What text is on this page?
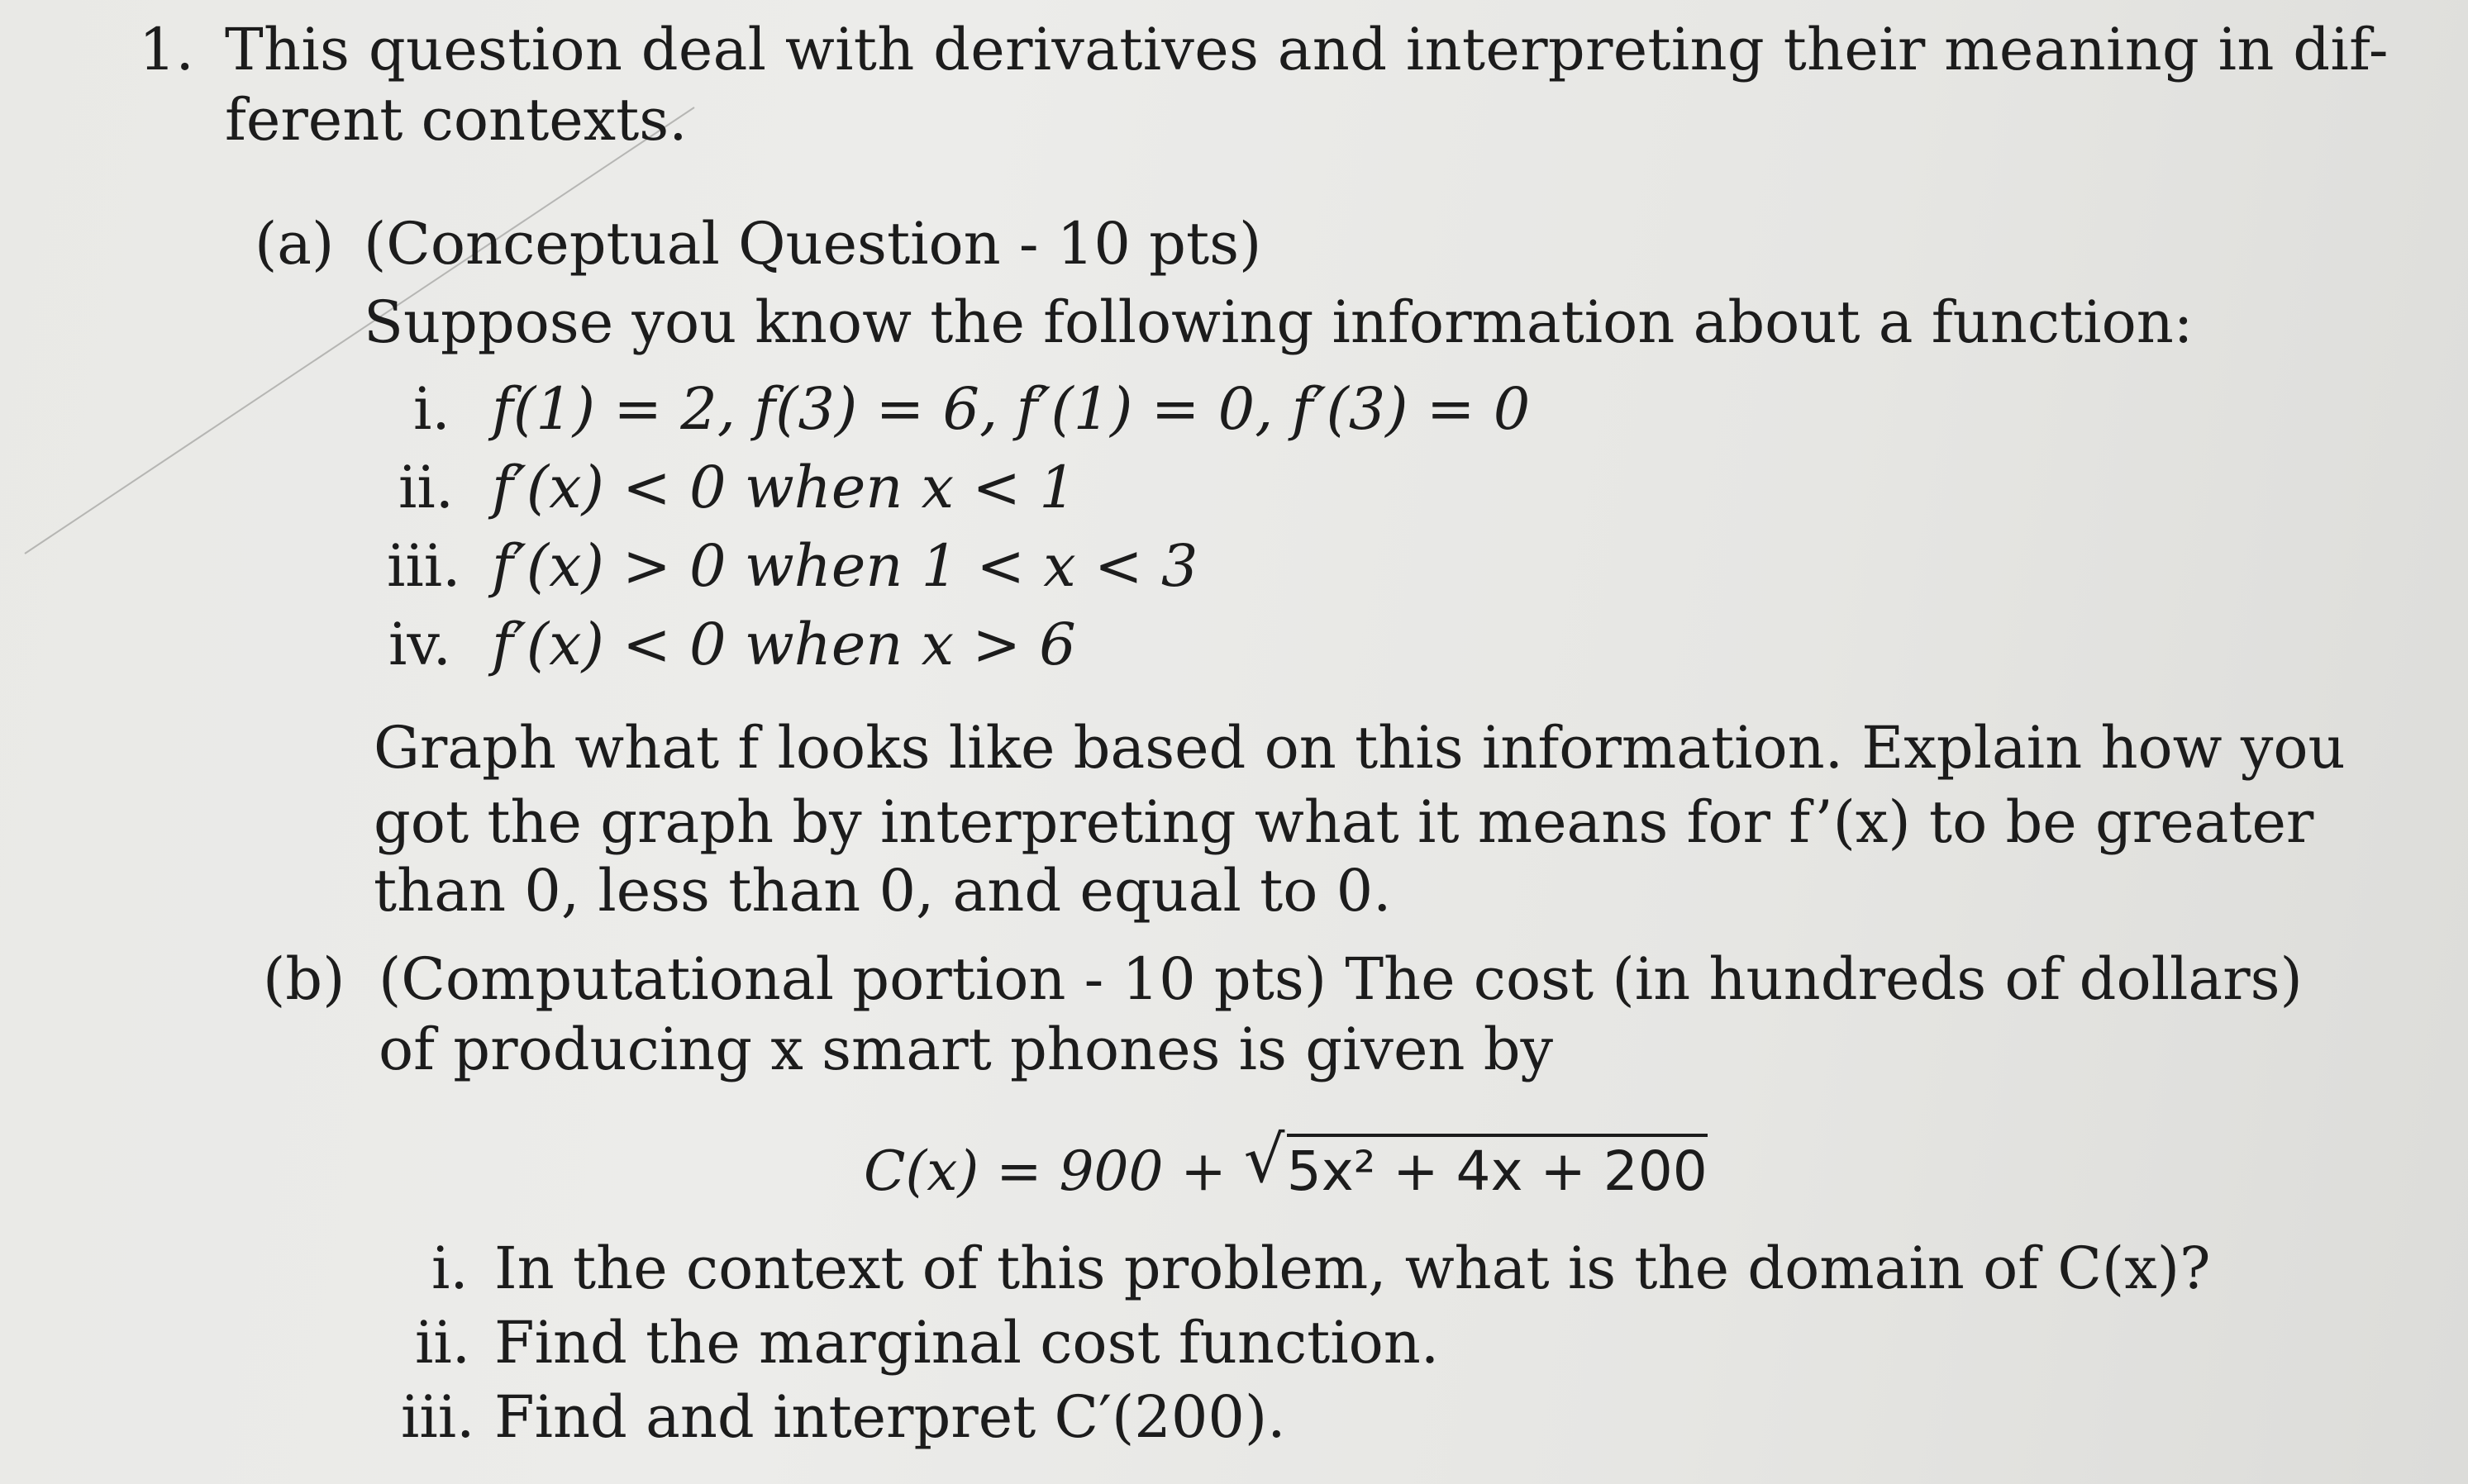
1. This question deal with derivatives and interpreting their meaning in dif-
ferent contexts.
(a) (Conceptual Question - 10 pts)
Suppose you know the following information about a function:
i. f(1) = 2, f(3) = 6, f′(1) = 0, f′(3) = 0
ii. f′(x) < 0 when x < 1
iii. f′(x) > 0 when 1 < x < 3
iv. f′(x) < 0 when x > 6
Graph what f looks like based on this information. Explain how you
got the graph by interpreting what it means for f’(x) to be greater
than 0, less than 0, and equal to 0.
(b) (Computational portion - 10 pts) The cost (in hundreds of dollars)
of producing x smart phones is given by
C(x) = 900 + √ 5x² + 4x + 200
i. In the context of this problem, what is the domain of C(x)?
ii. Find the marginal cost function.
iii. Find and interpret C′(200).
